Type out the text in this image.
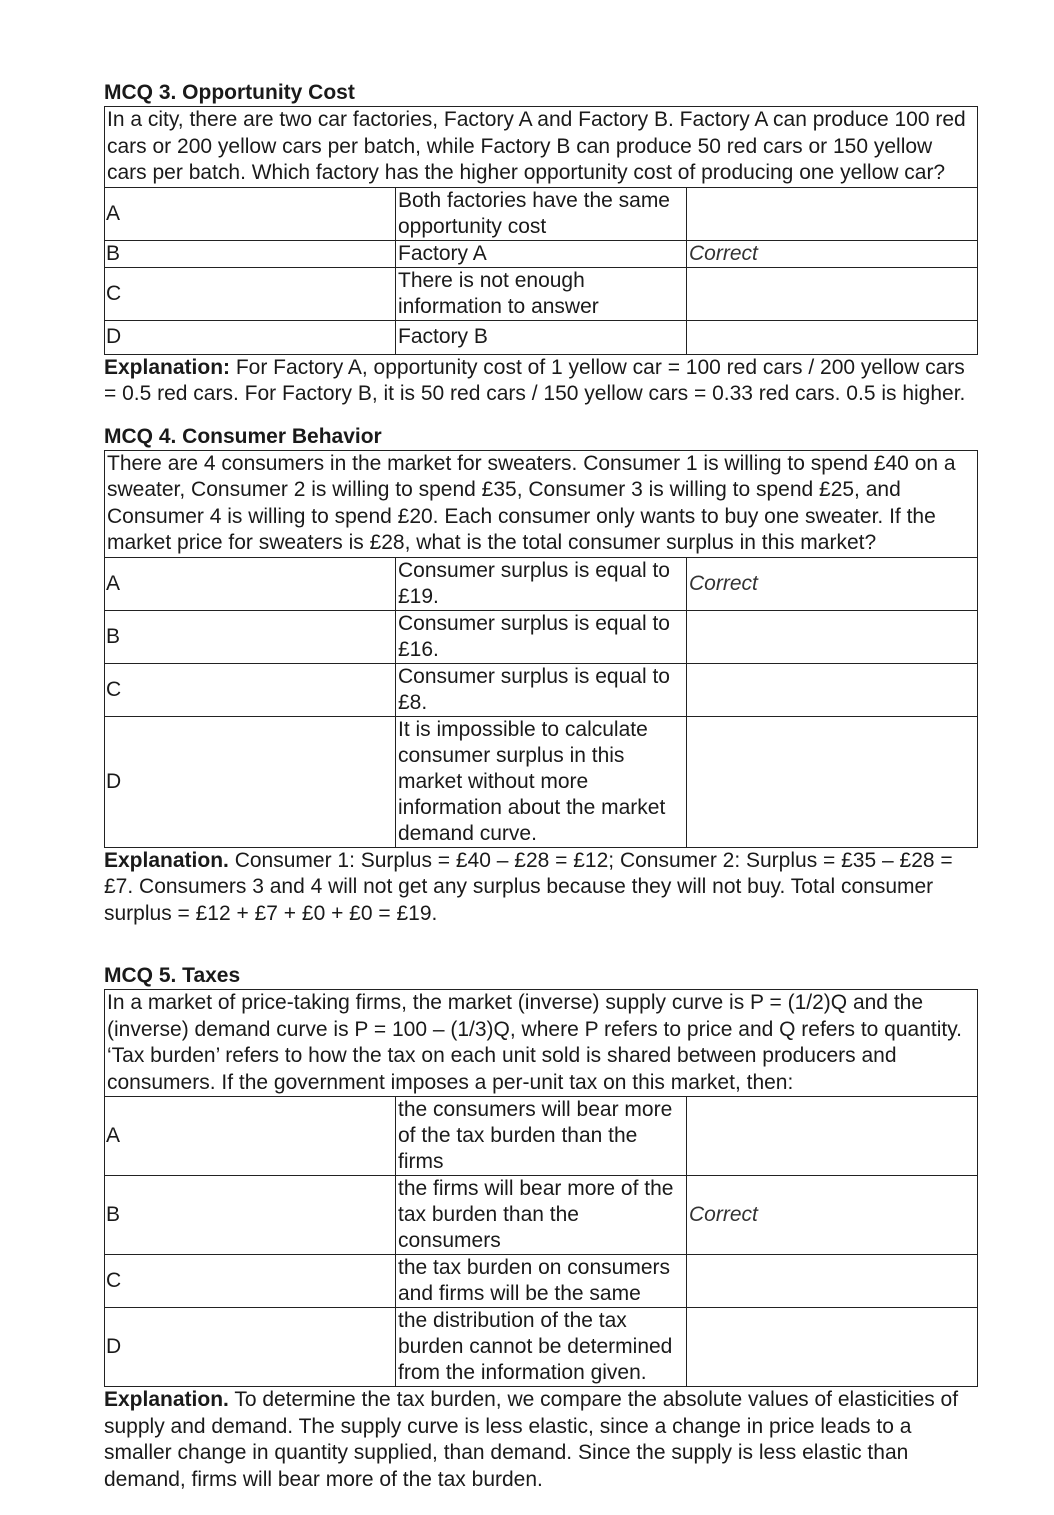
MCQ 3. Opportunity Cost
In a city, there are two car factories, Factory A and Factory B. Factory A can produce 100 red cars or 200 yellow cars per batch, while Factory B can produce 50 red cars or 150 yellow cars per batch. Which factory has the higher opportunity cost of producing one yellow car?		
A	Both factories have the same opportunity cost	
B	Factory A	Correct
C	There is not enough information to answer	
D	Factory B	

Explanation: For Factory A, opportunity cost of 1 yellow car = 100 red cars / 200 yellow cars = 0.5 red cars. For Factory B, it is 50 red cars / 150 yellow cars = 0.33 red cars. 0.5 is higher.

MCQ 4. Consumer Behavior
There are 4 consumers in the market for sweaters. Consumer 1 is willing to spend £40 on a sweater, Consumer 2 is willing to spend £35, Consumer 3 is willing to spend £25, and Consumer 4 is willing to spend £20. Each consumer only wants to buy one sweater. If the market price for sweaters is £28, what is the total consumer surplus in this market?		
A	Consumer surplus is equal to £19.	Correct
B	Consumer surplus is equal to £16.	
C	Consumer surplus is equal to £8.	
D	It is impossible to calculate consumer surplus in this market without more information about the market demand curve.	

Explanation. Consumer 1: Surplus = £40 – £28 = £12; Consumer 2: Surplus = £35 – £28 = £7. Consumers 3 and 4 will not get any surplus because they will not buy. Total consumer surplus = £12 + £7 + £0 + £0 = £19.

MCQ 5. Taxes
In a market of price-taking firms, the market (inverse) supply curve is P = (1/2)Q and the (inverse) demand curve is P = 100 – (1/3)Q, where P refers to price and Q refers to quantity. ‘Tax burden’ refers to how the tax on each unit sold is shared between producers and consumers. If the government imposes a per-unit tax on this market, then:		
A	the consumers will bear more of the tax burden than the firms	
B	the firms will bear more of the tax burden than the consumers	Correct
C	the tax burden on consumers and firms will be the same	
D	the distribution of the tax burden cannot be determined from the information given.	

Explanation. To determine the tax burden, we compare the absolute values of elasticities of supply and demand. The supply curve is less elastic, since a change in price leads to a smaller change in quantity supplied, than demand. Since the supply is less elastic than demand, firms will bear more of the tax burden.
